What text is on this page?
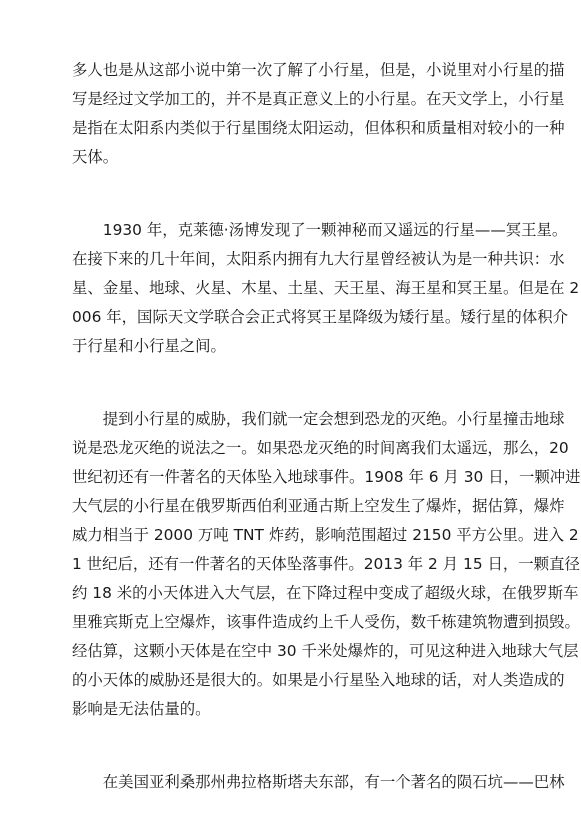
多人也是从这部小说中第一次了解了小行星，但是，小说里对小行星的描
写是经过文学加工的，并不是真正意义上的小行星。在天文学上，小行星
是指在太阳系内类似于行星围绕太阳运动，但体积和质量相对较小的一种
天体。
　　1930 年，克莱德·汤博发现了一颗神秘而又遥远的行星——冥王星。
在接下来的几十年间，太阳系内拥有九大行星曾经被认为是一种共识：水
星、金星、地球、火星、木星、土星、天王星、海王星和冥王星。但是在 2
006 年，国际天文学联合会正式将冥王星降级为矮行星。矮行星的体积介
于行星和小行星之间。
　　提到小行星的威胁，我们就一定会想到恐龙的灭绝。小行星撞击地球
说是恐龙灭绝的说法之一。如果恐龙灭绝的时间离我们太遥远，那么，20
世纪初还有一件著名的天体坠入地球事件。1908 年 6 月 30 日，一颗冲进
大气层的小行星在俄罗斯西伯利亚通古斯上空发生了爆炸，据估算，爆炸
威力相当于 2000 万吨 TNT 炸药，影响范围超过 2150 平方公里。进入 2
1 世纪后，还有一件著名的天体坠落事件。2013 年 2 月 15 日，一颗直径
约 18 米的小天体进入大气层，在下降过程中变成了超级火球，在俄罗斯车
里雅宾斯克上空爆炸，该事件造成约上千人受伤，数千栋建筑物遭到损毁。
经估算，这颗小天体是在空中 30 千米处爆炸的，可见这种进入地球大气层
的小天体的威胁还是很大的。如果是小行星坠入地球的话，对人类造成的
影响是无法估量的。
　　在美国亚利桑那州弗拉格斯塔夫东部，有一个著名的陨石坑——巴林
